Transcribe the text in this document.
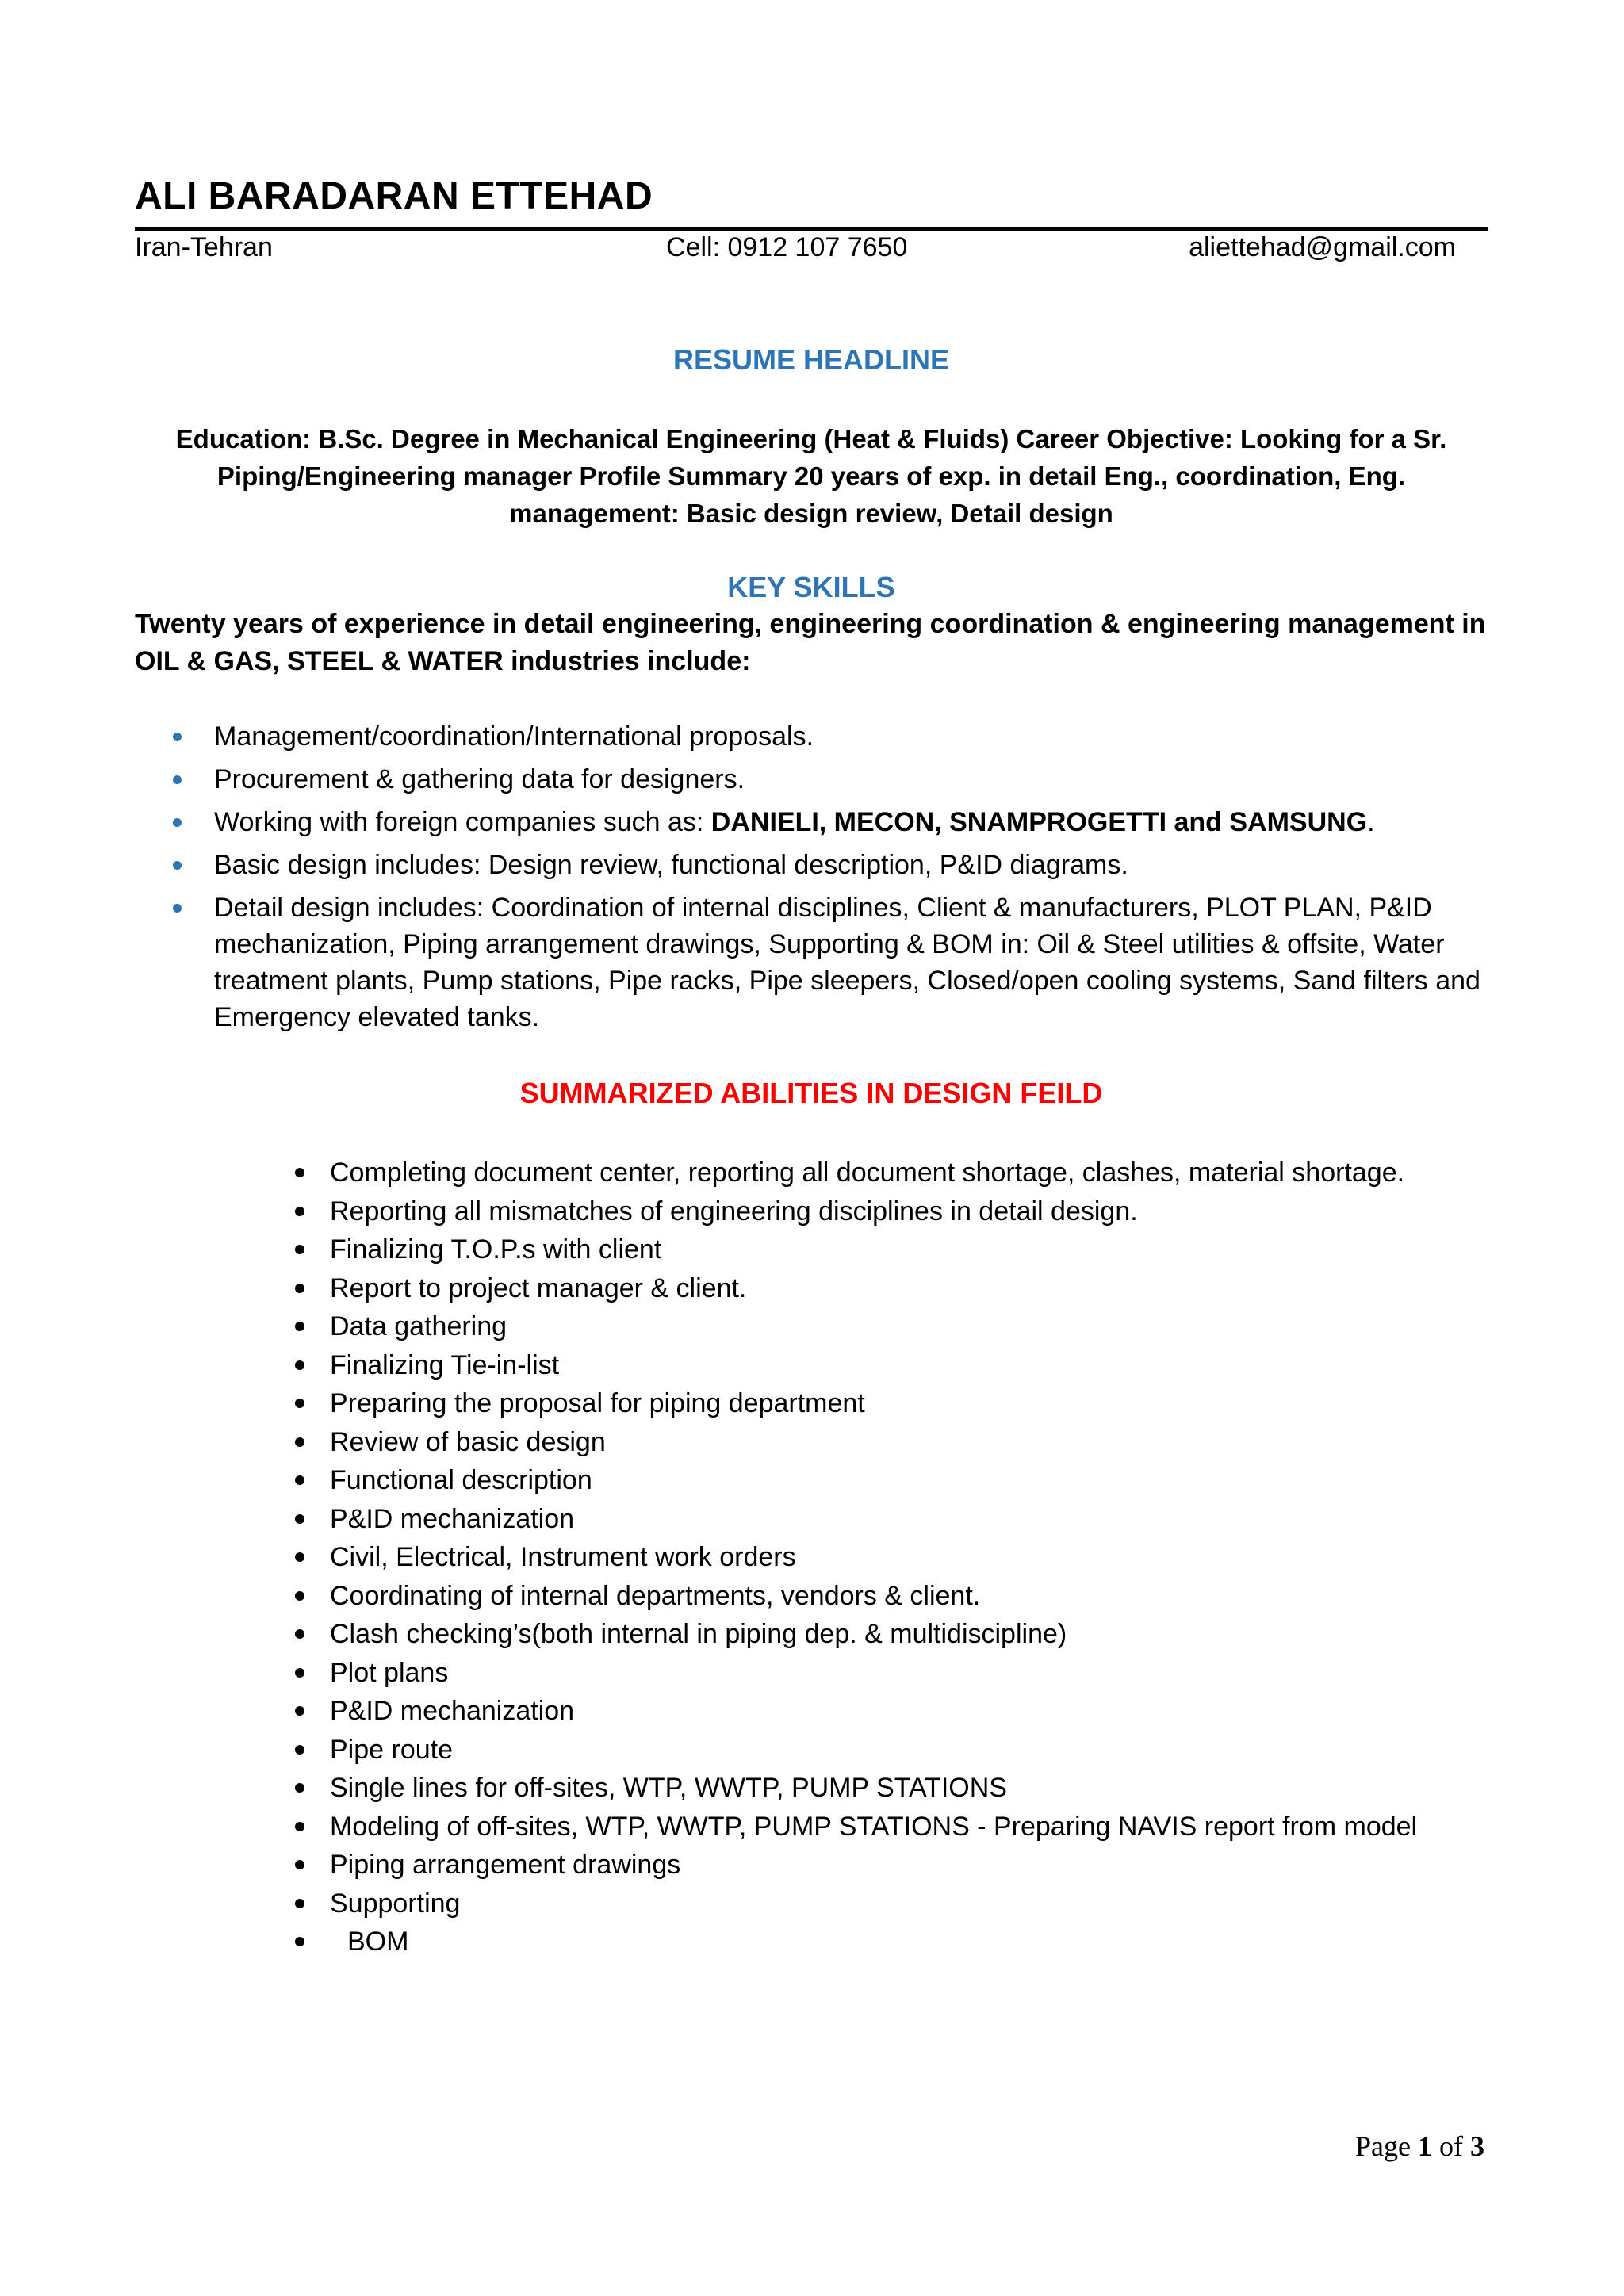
ALI BARADARAN ETTEHAD
Iran-Tehran	Cell: 0912 107 7650	aliettehad@gmail.com
RESUME HEADLINE

Education: B.Sc. Degree in Mechanical Engineering (Heat & Fluids) Career Objective: Looking for a Sr. Piping/Engineering manager Profile Summary 20 years of exp. in detail Eng., coordination, Eng. management: Basic design review, Detail design

KEY SKILLS

Twenty years of experience in detail engineering, engineering coordination & engineering management in OIL & GAS, STEEL & WATER industries include:

Management/coordination/International proposals.
Procurement & gathering data for designers.
Working with foreign companies such as: DANIELI, MECON, SNAMPROGETTI and SAMSUNG.
Basic design includes: Design review, functional description, P&ID diagrams.
Detail design includes: Coordination of internal disciplines, Client & manufacturers, PLOT PLAN, P&ID mechanization, Piping arrangement drawings, Supporting & BOM in: Oil & Steel utilities & offsite, Water treatment plants, Pump stations, Pipe racks, Pipe sleepers, Closed/open cooling systems, Sand filters and Emergency elevated tanks.
SUMMARIZED ABILITIES IN DESIGN FEILD
Completing document center, reporting all document shortage, clashes, material shortage.
Reporting all mismatches of engineering disciplines in detail design.
Finalizing T.O.P.s with client
Report to project manager & client.
Data gathering
Finalizing Tie-in-list
Preparing the proposal for piping department
Review of basic design
Functional description
P&ID mechanization
Civil, Electrical, Instrument work orders
Coordinating of internal departments, vendors & client.
Clash checking’s(both internal in piping dep. & multidiscipline)
Plot plans
P&ID mechanization
Pipe route
Single lines for off-sites, WTP, WWTP, PUMP STATIONS
Modeling of off-sites, WTP, WWTP, PUMP STATIONS - Preparing NAVIS report from model
Piping arrangement drawings
Supporting
BOM
Page 1 of 3
